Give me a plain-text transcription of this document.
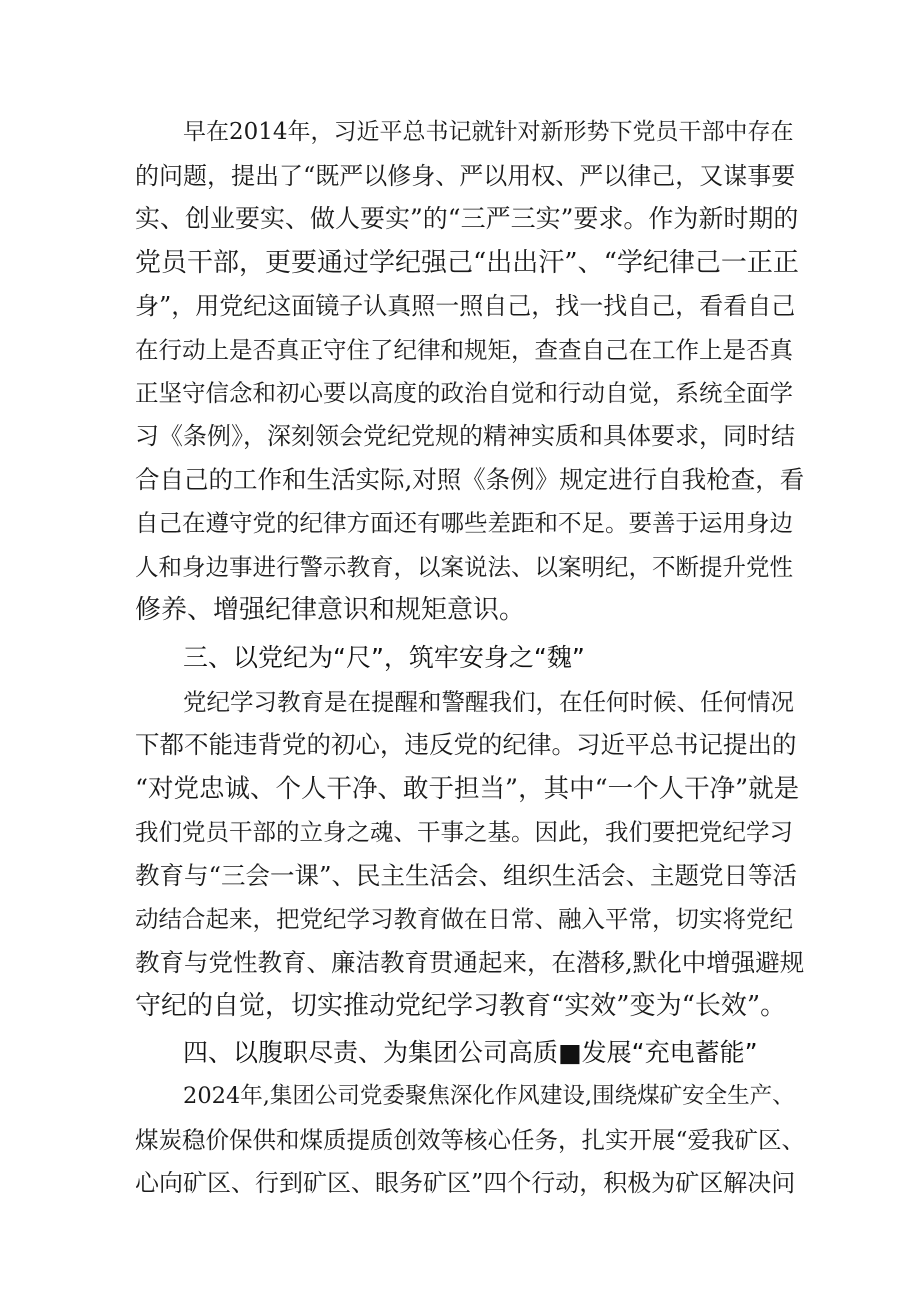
早在2014年，习近平总书记就针对新形势下党员干部中存在
的问题，提出了“既严以修身、严以用权、严以律己，又谋事要
实、创业要实、做人要实”的“三严三实”要求。作为新时期的
党员干部，更要通过学纪强己“出出汗”、“学纪律己一正正
身”，用党纪这面镜子认真照一照自己，找一找自己，看看自己
在行动上是否真正守住了纪律和规矩，查查自己在工作上是否真
正坚守信念和初心要以高度的政治自觉和行动自觉，系统全面学
习《条例》，深刻领会党纪党规的精神实质和具体要求，同时结
合自己的工作和生活实际,对照《条例》规定进行自我枪查，看
自己在遵守党的纪律方面还有哪些差距和不足。要善于运用身边
人和身边事进行警示教育，以案说法、以案明纪，不断提升党性
修养、增强纪律意识和规矩意识。
三、以党纪为“尺”，筑牢安身之“魏”
党纪学习教育是在提醒和警醒我们，在任何时候、任何情况
下都不能违背党的初心，违反党的纪律。习近平总书记提出的
“对党忠诚、个人干净、敢于担当”，其中“一个人干净”就是
我们党员干部的立身之魂、干事之基。因此，我们要把党纪学习
教育与“三会一课”、民主生活会、组织生活会、主题党日等活
动结合起来，把党纪学习教育做在日常、融入平常，切实将党纪
教育与党性教育、廉洁教育贯通起来，在潜移,默化中增强避规
守纪的自觉，切实推动党纪学习教育“实效”变为“长效”。
四、以腹职尽责、为集团公司高质■发展“充电蓄能”
2024年,集团公司党委聚焦深化作风建设,围绕煤矿安全生产、
煤炭稳价保供和煤质提质创效等核心任务，扎实开展“爱我矿区、
心向矿区、行到矿区、眼务矿区”四个行动，积极为矿区解决问
